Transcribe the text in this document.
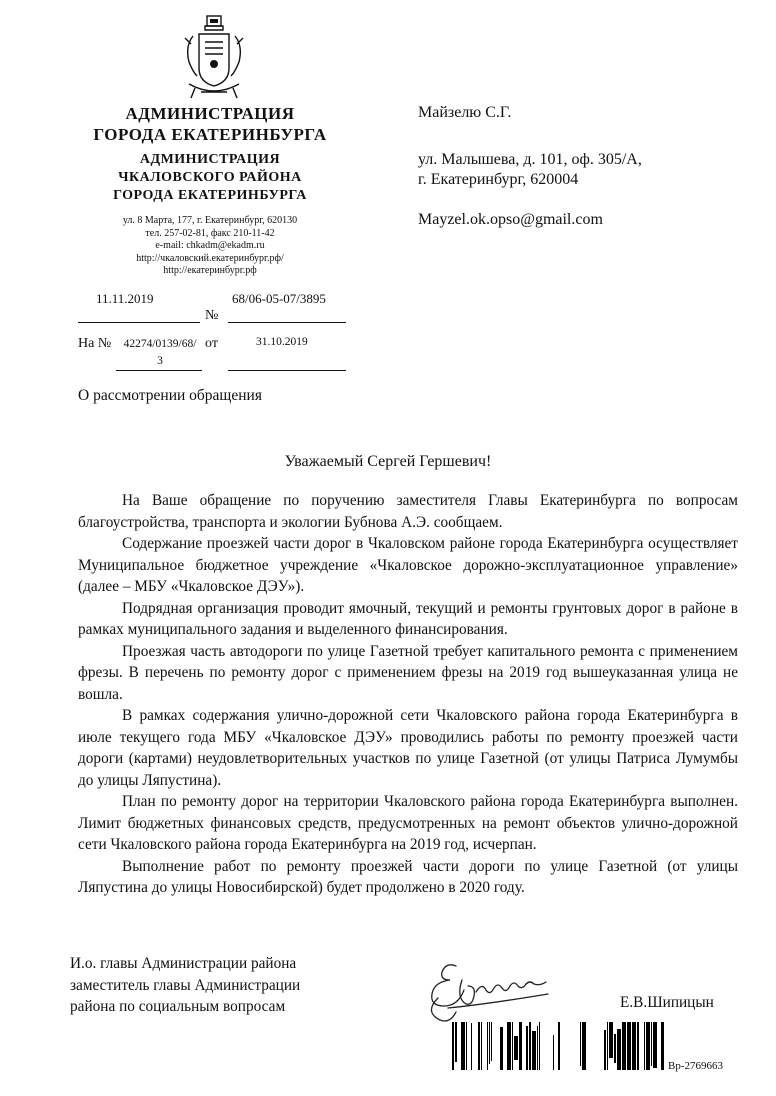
АДМИНИСТРАЦИЯ
ГОРОДА ЕКАТЕРИНБУРГА
АДМИНИСТРАЦИЯ
ЧКАЛОВСКОГО РАЙОНА
ГОРОДА ЕКАТЕРИНБУРГА
ул. 8 Марта, 177, г. Екатеринбург, 620130
тел. 257-02-81, факс 210-11-42
e-mail: chkadm@ekadm.ru
http://чкаловский.екатеринбург.рф/
http://екатеринбург.рф
11.11.2019
№
68/06-05-07/3895
На №	42274/0139/68/
3
от	31.10.2019
Майзелю С.Г.
ул. Малышева, д. 101, оф. 305/А,
г. Екатеринбург, 620004
Mayzel.ok.opso@gmail.com
О рассмотрении обращения
Уважаемый Сергей Гершевич!

На Ваше обращение по поручению заместителя Главы Екатеринбурга по вопросам благоустройства, транспорта и экологии Бубнова А.Э. сообщаем.

Содержание проезжей части дорог в Чкаловском районе города Екатеринбурга осуществляет Муниципальное бюджетное учреждение «Чкаловское дорожно-эксплуатационное управление» (далее – МБУ «Чкаловское ДЭУ»).

Подрядная организация проводит ямочный, текущий и ремонты грунтовых дорог в районе в рамках муниципального задания и выделенного финансирования.

Проезжая часть автодороги по улице Газетной требует капитального ремонта с применением фрезы. В перечень по ремонту дорог с применением фрезы на 2019 год вышеуказанная улица не вошла.

В рамках содержания улично-дорожной сети Чкаловского района города Екатеринбурга в июле текущего года МБУ «Чкаловское ДЭУ» проводились работы по ремонту проезжей части дороги (картами) неудовлетворительных участков по улице Газетной (от улицы Патриса Лумумбы до улицы Ляпустина).

План по ремонту дорог на территории Чкаловского района города Екатеринбурга выполнен. Лимит бюджетных финансовых средств, предусмотренных на ремонт объектов улично-дорожной сети Чкаловского района города Екатеринбурга на 2019 год, исчерпан.

Выполнение работ по ремонту проезжей части дороги по улице Газетной (от улицы Ляпустина до улицы Новосибирской) будет продолжено в 2020 году.

И.о. главы Администрации района
заместитель главы Администрации
района по социальным вопросам	Е.В.Шипицын
Вр-2769663
